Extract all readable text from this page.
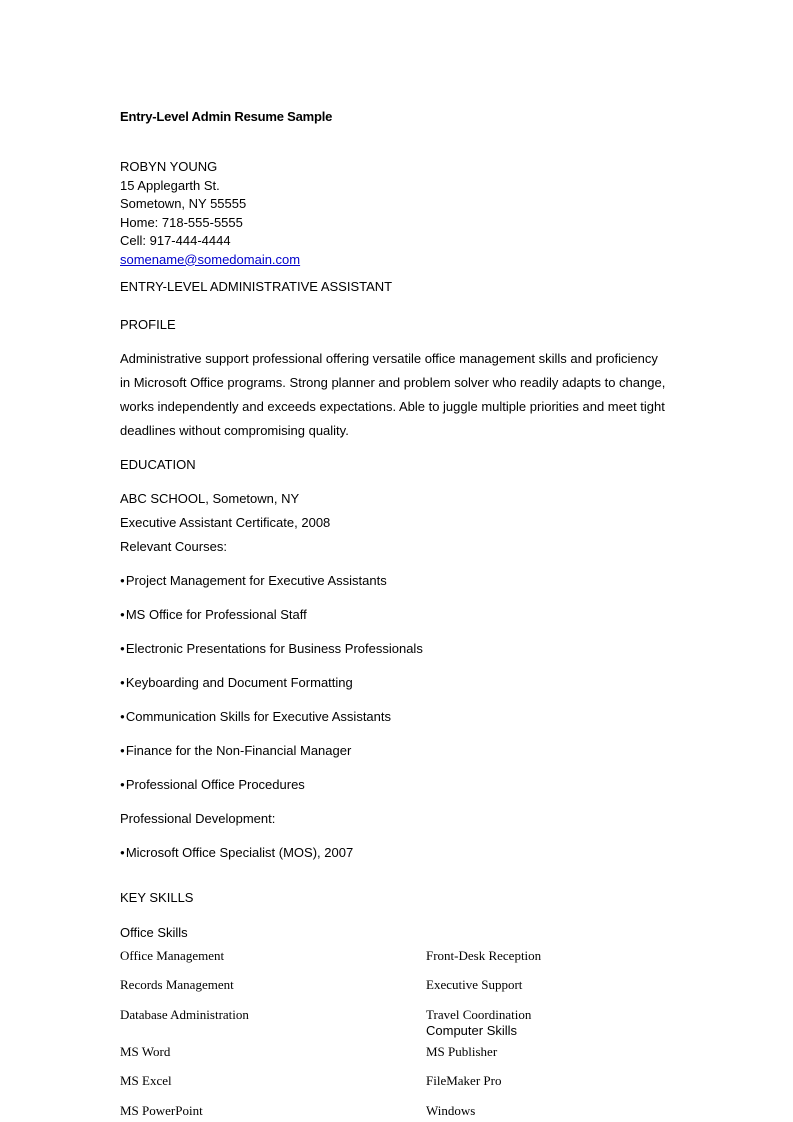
Entry-Level Admin Resume Sample
ROBYN YOUNG
15 Applegarth St.
Sometown, NY 55555
Home: 718-555-5555
Cell: 917-444-4444
somename@somedomain.com
ENTRY-LEVEL ADMINISTRATIVE ASSISTANT
PROFILE

Administrative support professional offering versatile office management skills and proficiency in Microsoft Office programs. Strong planner and problem solver who readily adapts to change, works independently and exceeds expectations. Able to juggle multiple priorities and meet tight deadlines without compromising quality.

EDUCATION
ABC SCHOOL, Sometown, NY
Executive Assistant Certificate, 2008
Relevant Courses:
●Project Management for Executive Assistants
●MS Office for Professional Staff
●Electronic Presentations for Business Professionals
●Keyboarding and Document Formatting
●Communication Skills for Executive Assistants
●Finance for the Non-Financial Manager
●Professional Office Procedures
Professional Development:
●Microsoft Office Specialist (MOS), 2007
KEY SKILLS
Office Skills
Office Management	Front-Desk Reception
Records Management	Executive Support
Database Administration	Travel Coordination
Computer Skills
MS Word	MS Publisher
MS Excel	FileMaker Pro
MS PowerPoint	Windows
